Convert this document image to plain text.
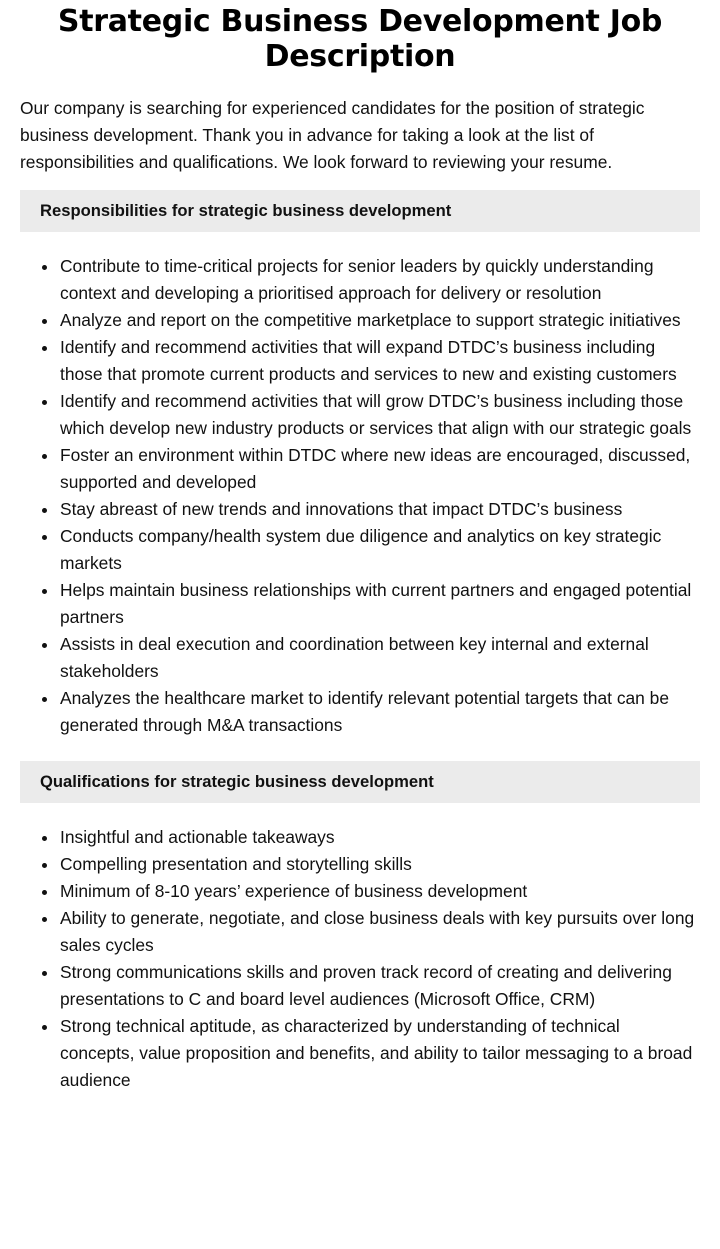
Strategic Business Development Job Description

Our company is searching for experienced candidates for the position of strategic business development. Thank you in advance for taking a look at the list of responsibilities and qualifications. We look forward to reviewing your resume.

Responsibilities for strategic business development
Contribute to time-critical projects for senior leaders by quickly understanding context and developing a prioritised approach for delivery or resolution
Analyze and report on the competitive marketplace to support strategic initiatives
Identify and recommend activities that will expand DTDC’s business including those that promote current products and services to new and existing customers
Identify and recommend activities that will grow DTDC’s business including those which develop new industry products or services that align with our strategic goals
Foster an environment within DTDC where new ideas are encouraged, discussed, supported and developed
Stay abreast of new trends and innovations that impact DTDC’s business
Conducts company/health system due diligence and analytics on key strategic markets
Helps maintain business relationships with current partners and engaged potential partners
Assists in deal execution and coordination between key internal and external stakeholders
Analyzes the healthcare market to identify relevant potential targets that can be generated through M&A transactions
Qualifications for strategic business development
Insightful and actionable takeaways
Compelling presentation and storytelling skills
Minimum of 8-10 years’ experience of business development
Ability to generate, negotiate, and close business deals with key pursuits over long sales cycles
Strong communications skills and proven track record of creating and delivering presentations to C and board level audiences (Microsoft Office, CRM)
Strong technical aptitude, as characterized by understanding of technical concepts, value proposition and benefits, and ability to tailor messaging to a broad audience
